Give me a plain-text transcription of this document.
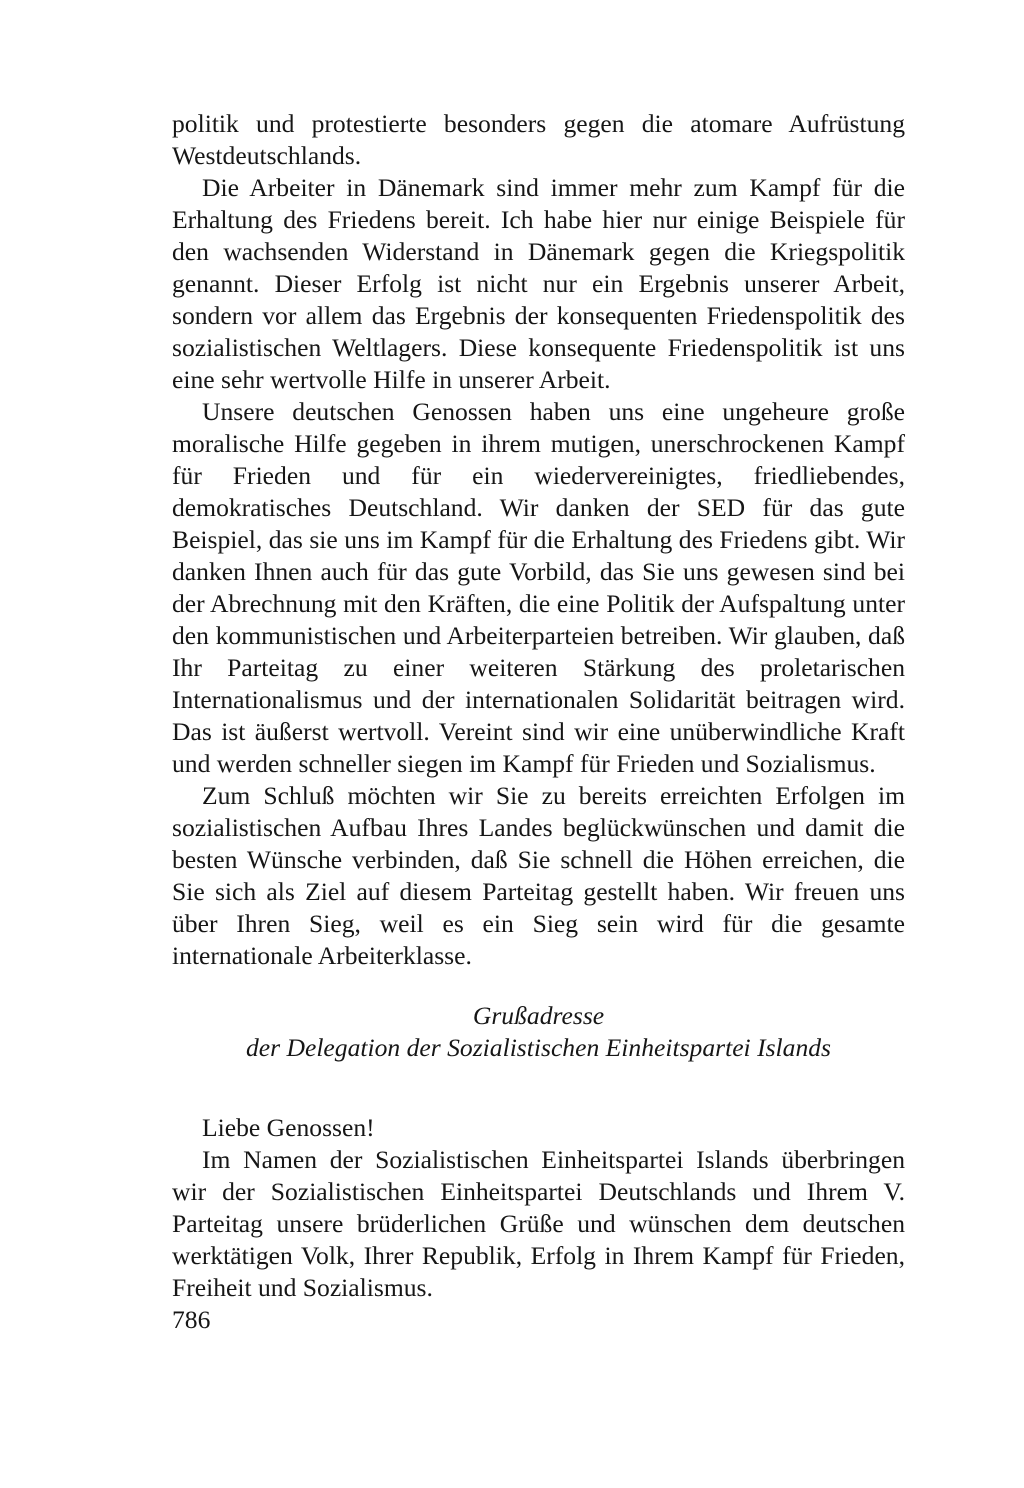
politik und protestierte besonders gegen die atomare Aufrüstung Westdeutschlands.

Die Arbeiter in Dänemark sind immer mehr zum Kampf für die Erhaltung des Friedens bereit. Ich habe hier nur einige Beispiele für den wachsenden Widerstand in Dänemark gegen die Kriegspolitik genannt. Dieser Erfolg ist nicht nur ein Ergebnis unserer Arbeit, sondern vor allem das Ergebnis der konsequenten Friedenspolitik des sozialistischen Weltlagers. Diese konsequente Friedenspolitik ist uns eine sehr wertvolle Hilfe in unserer Arbeit.

Unsere deutschen Genossen haben uns eine ungeheure große moralische Hilfe gegeben in ihrem mutigen, unerschrockenen Kampf für Frieden und für ein wiedervereinigtes, friedliebendes, demokratisches Deutschland. Wir danken der SED für das gute Beispiel, das sie uns im Kampf für die Erhaltung des Friedens gibt. Wir danken Ihnen auch für das gute Vorbild, das Sie uns gewesen sind bei der Abrechnung mit den Kräften, die eine Politik der Aufspaltung unter den kommunistischen und Arbeiterparteien betreiben. Wir glauben, daß Ihr Parteitag zu einer weiteren Stärkung des proletarischen Internationalismus und der internationalen Solidarität beitragen wird. Das ist äußerst wertvoll. Vereint sind wir eine unüberwindliche Kraft und werden schneller siegen im Kampf für Frieden und Sozialismus.

Zum Schluß möchten wir Sie zu bereits erreichten Erfolgen im sozialistischen Aufbau Ihres Landes beglückwünschen und damit die besten Wünsche verbinden, daß Sie schnell die Höhen erreichen, die Sie sich als Ziel auf diesem Parteitag gestellt haben. Wir freuen uns über Ihren Sieg, weil es ein Sieg sein wird für die gesamte internationale Arbeiterklasse.

Grußadresse

der Delegation der Sozialistischen Einheitspartei Islands

Liebe Genossen!

Im Namen der Sozialistischen Einheitspartei Islands überbringen wir der Sozialistischen Einheitspartei Deutschlands und Ihrem V. Parteitag unsere brüderlichen Grüße und wünschen dem deutschen werktätigen Volk, Ihrer Republik, Erfolg in Ihrem Kampf für Frieden, Freiheit und Sozialismus.

786
